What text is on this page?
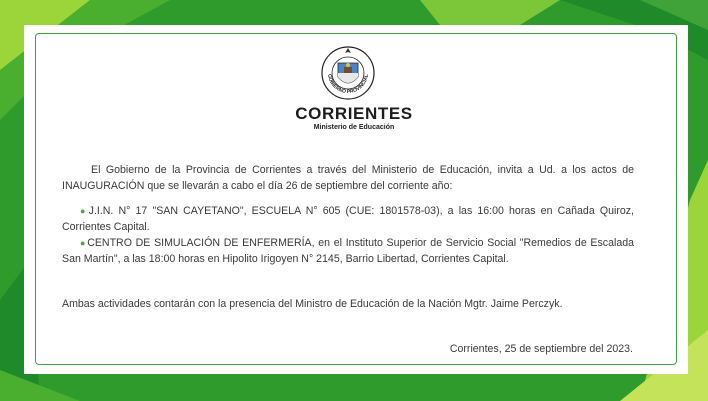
GOBIERNO PROVINCIAL
CORRIENTES
Ministerio de Educación

El Gobierno de la Provincia de Corrientes a través del Ministerio de Educación, invita a Ud. a los actos de INAUGURACIÓN que se llevarán a cabo el día 26 de septiembre del corriente año:

●J.I.N. N° 17 "SAN CAYETANO", ESCUELA N° 605 (CUE: 1801578-03), a las 16:00 horas en Cañada Quiroz, Corrientes Capital.

●CENTRO DE SIMULACIÓN DE ENFERMERÍA, en el Instituto Superior de Servicio Social "Remedios de Escalada San Martín", a las 18:00 horas en Hipolito Irigoyen N° 2145, Barrio Libertad, Corrientes Capital.

Ambas actividades contarán con la presencia del Ministro de Educación de la Nación Mgtr. Jaime Perczyk.

Corrientes, 25 de septiembre del 2023.
